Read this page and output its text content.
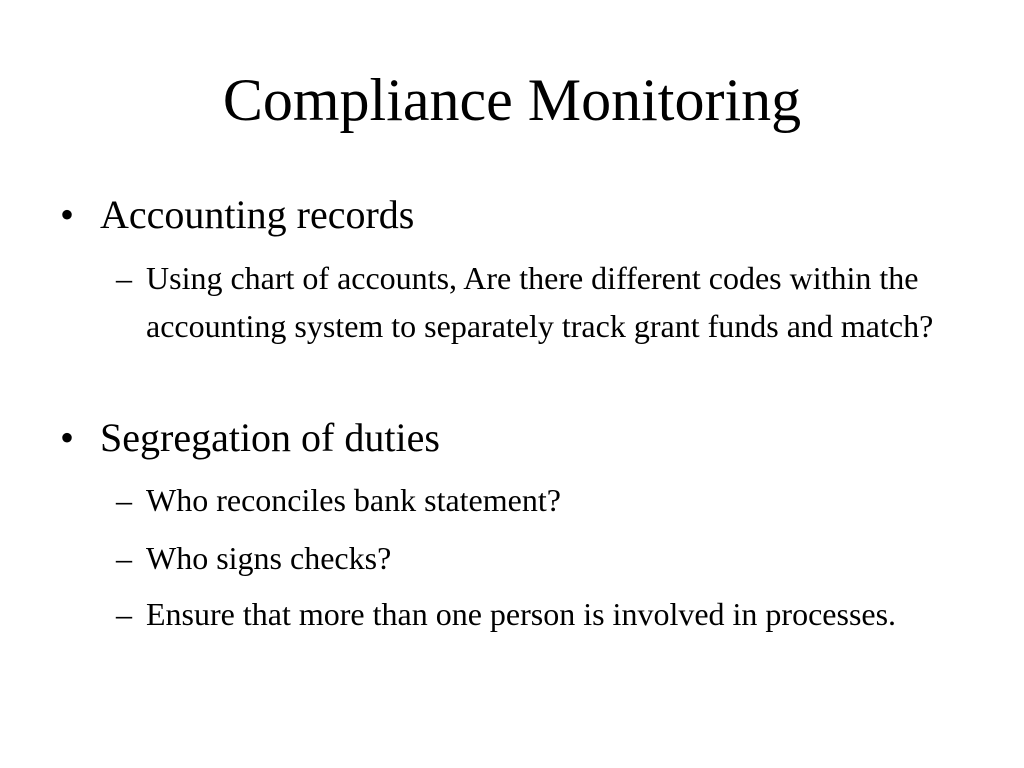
Compliance Monitoring
• Accounting records
– Using chart of accounts, Are there different codes within the accounting system to separately track grant funds and match?
• Segregation of duties
– Who reconciles bank statement?
– Who signs checks?
– Ensure that more than one person is involved in processes.
